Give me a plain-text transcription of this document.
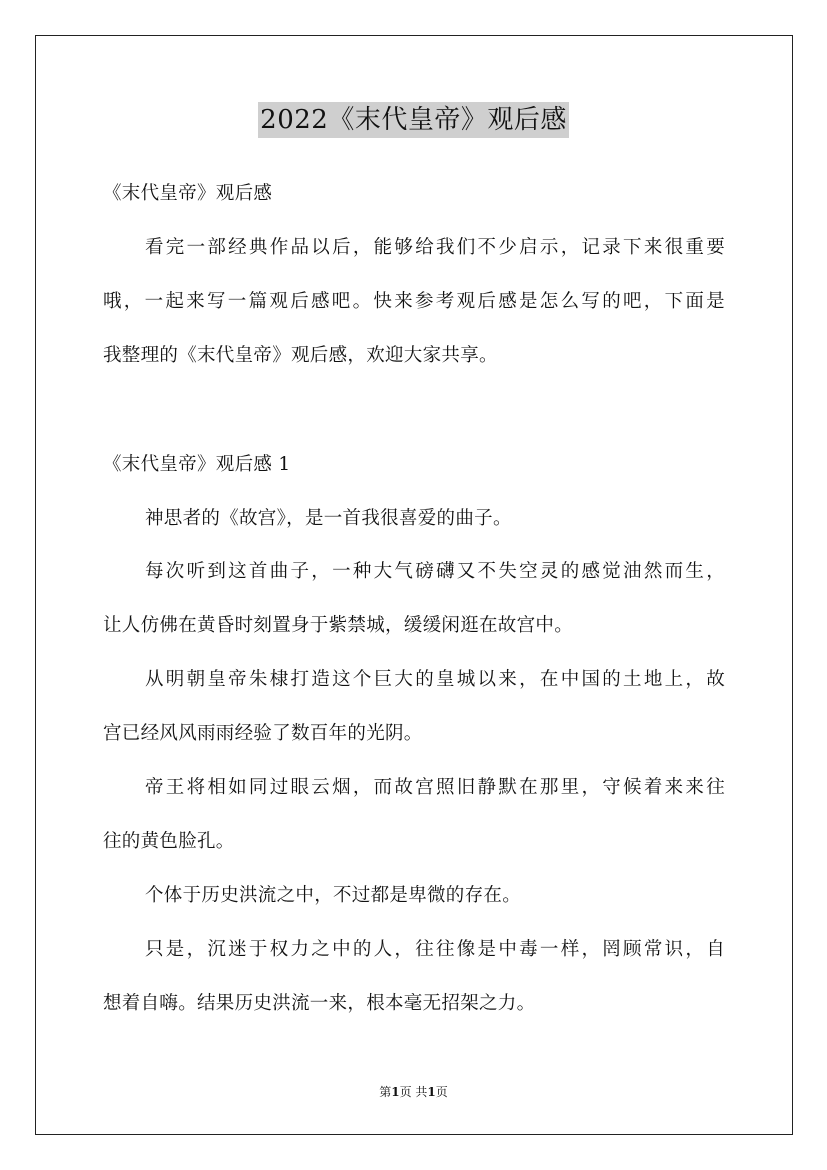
2022《末代皇帝》观后感
《末代皇帝》观后感
看完一部经典作品以后，能够给我们不少启示，记录下来很重要
哦，一起来写一篇观后感吧。快来参考观后感是怎么写的吧，下面是
我整理的《末代皇帝》观后感，欢迎大家共享。
《末代皇帝》观后感 1
神思者的《故宫》，是一首我很喜爱的曲子。
每次听到这首曲子，一种大气磅礴又不失空灵的感觉油然而生，
让人仿佛在黄昏时刻置身于紫禁城，缓缓闲逛在故宫中。
从明朝皇帝朱棣打造这个巨大的皇城以来，在中国的土地上，故
宫已经风风雨雨经验了数百年的光阴。
帝王将相如同过眼云烟，而故宫照旧静默在那里，守候着来来往
往的黄色脸孔。
个体于历史洪流之中，不过都是卑微的存在。
只是，沉迷于权力之中的人，往往像是中毒一样，罔顾常识，自
想着自嗨。结果历史洪流一来，根本毫无招架之力。
第1页 共1页
